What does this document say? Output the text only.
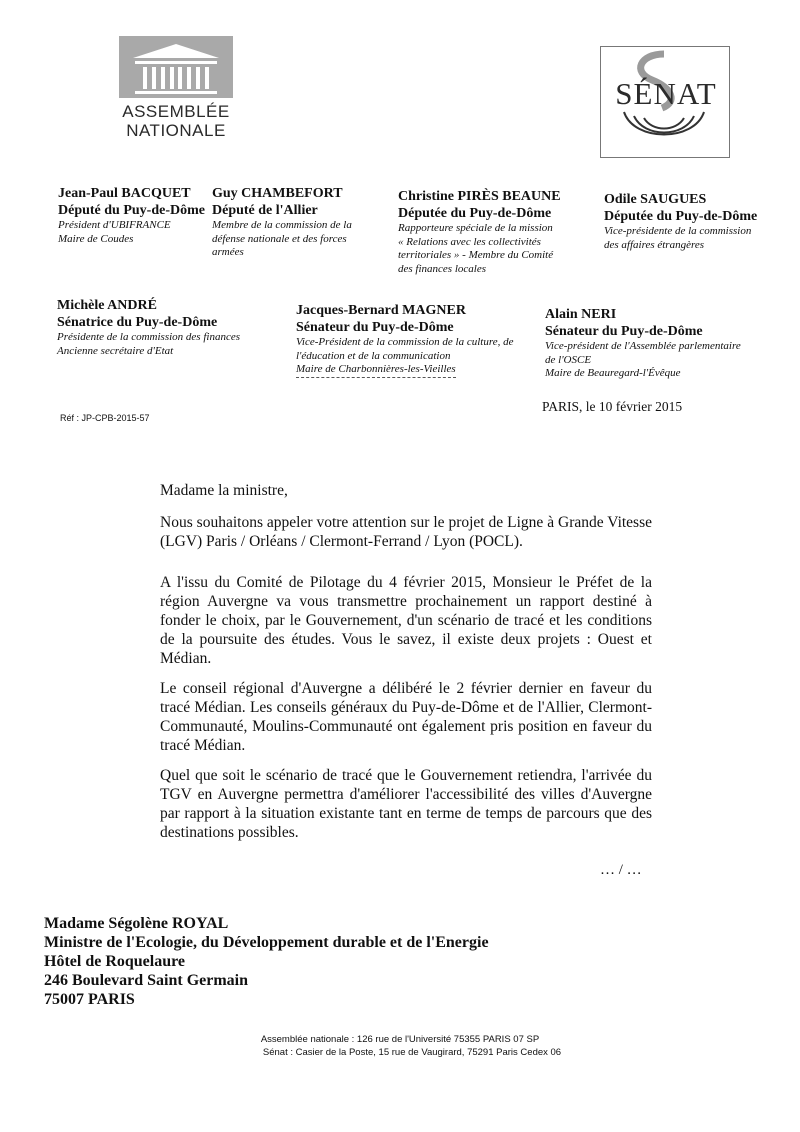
ASSEMBLÉE
NATIONALE
SÉNAT
Jean-Paul BACQUET
Député du Puy-de-Dôme
Président d'UBIFRANCE
Maire de Coudes
Guy CHAMBEFORT
Député de l'Allier
Membre de la commission de la
défense nationale et des forces
armées
Christine PIRÈS BEAUNE
Députée du Puy-de-Dôme
Rapporteure spéciale de la mission
« Relations avec les collectivités
territoriales » - Membre du Comité
des finances locales
Odile SAUGUES
Députée du Puy-de-Dôme
Vice-présidente de la commission
des affaires étrangères
Michèle ANDRÉ
Sénatrice du Puy-de-Dôme
Présidente de la commission des finances
Ancienne secrétaire d'Etat
Jacques-Bernard MAGNER
Sénateur du Puy-de-Dôme
Vice-Président de la commission de la culture, de
l'éducation et de la communication
Maire de Charbonnières-les-Vieilles
Alain NERI
Sénateur du Puy-de-Dôme
Vice-président de l'Assemblée parlementaire
de l'OSCE
Maire de Beauregard-l'Évêque
Réf : JP-CPB-2015-57
PARIS, le 10 février 2015
Madame la ministre,
Nous souhaitons appeler votre attention sur le projet de Ligne à Grande Vitesse (LGV) Paris / Orléans / Clermont-Ferrand / Lyon (POCL).
A l'issu du Comité de Pilotage du 4 février 2015, Monsieur le Préfet de la région Auvergne va vous transmettre prochainement un rapport destiné à fonder le choix, par le Gouvernement, d'un scénario de tracé et les conditions de la poursuite des études. Vous le savez, il existe deux projets : Ouest et Médian.
Le conseil régional d'Auvergne a délibéré le 2 février dernier en faveur du tracé Médian. Les conseils généraux du Puy-de-Dôme et de l'Allier, Clermont-Communauté, Moulins-Communauté ont également pris position en faveur du tracé Médian.
Quel que soit le scénario de tracé que le Gouvernement retiendra, l'arrivée du TGV en Auvergne permettra d'améliorer l'accessibilité des villes d'Auvergne par rapport à la situation existante tant en terme de temps de parcours que des destinations possibles.
… / …
Madame Ségolène ROYAL
Ministre de l'Ecologie, du Développement durable et de l'Energie
Hôtel de Roquelaure
246 Boulevard Saint Germain
75007 PARIS
Assemblée nationale : 126 rue de l'Université 75355 PARIS 07 SP
Sénat : Casier de la Poste, 15 rue de Vaugirard, 75291 Paris Cedex 06
